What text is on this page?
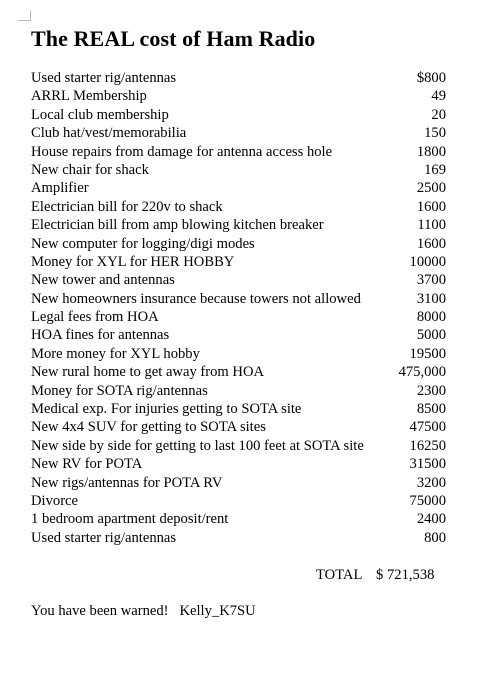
The REAL cost of Ham Radio
Used starter rig/antennas	$800
ARRL Membership	49
Local club membership	20
Club hat/vest/memorabilia	150
House repairs from damage for antenna access hole	1800
New chair for shack	169
Amplifier	2500
Electrician bill for 220v to shack	1600
Electrician bill from amp blowing kitchen breaker	1100
New computer for logging/digi modes	1600
Money for XYL for HER HOBBY	10000
New tower and antennas	3700
New homeowners insurance because towers not allowed	3100
Legal fees from HOA	8000
HOA fines for antennas	5000
More money for XYL hobby	19500
New rural home to get away from HOA	475,000
Money for SOTA rig/antennas	2300
Medical exp. For injuries getting to SOTA site	8500
New 4x4 SUV for getting to SOTA sites	47500
New side by side for getting to last 100 feet at SOTA site	16250
New RV for POTA	31500
New rigs/antennas for POTA RV	3200
Divorce	75000
1 bedroom apartment deposit/rent	2400
Used starter rig/antennas	800
TOTAL $ 721,538
You have been warned! Kelly_K7SU
